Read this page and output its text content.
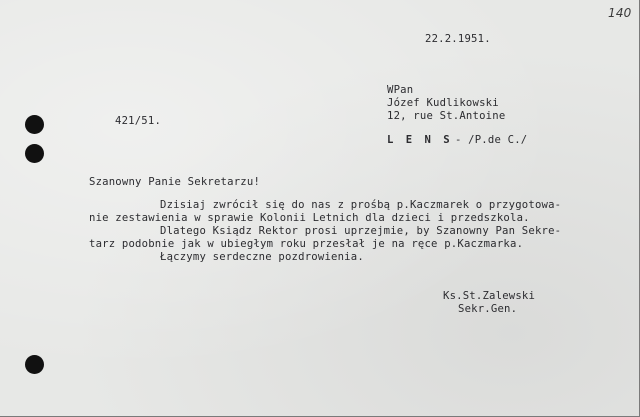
140
22.2.1951.
WPan
Józef Kudlikowski
12, rue St.Antoine
L E N S - /P.de C./
421/51.
Szanowny Panie Sekretarzu!
Dzisiaj zwrócił się do nas z prośbą p.Kaczmarek o przygotowa-
nie zestawienia w sprawie Kolonii Letnich dla dzieci i przedszkola.
Dlatego Ksiądz Rektor prosi uprzejmie, by Szanowny Pan Sekre-
tarz podobnie jak w ubiegłym roku przesłał je na ręce p.Kaczmarka.
Łączymy serdeczne pozdrowienia.
Ks.St.Zalewski
Sekr.Gen.
